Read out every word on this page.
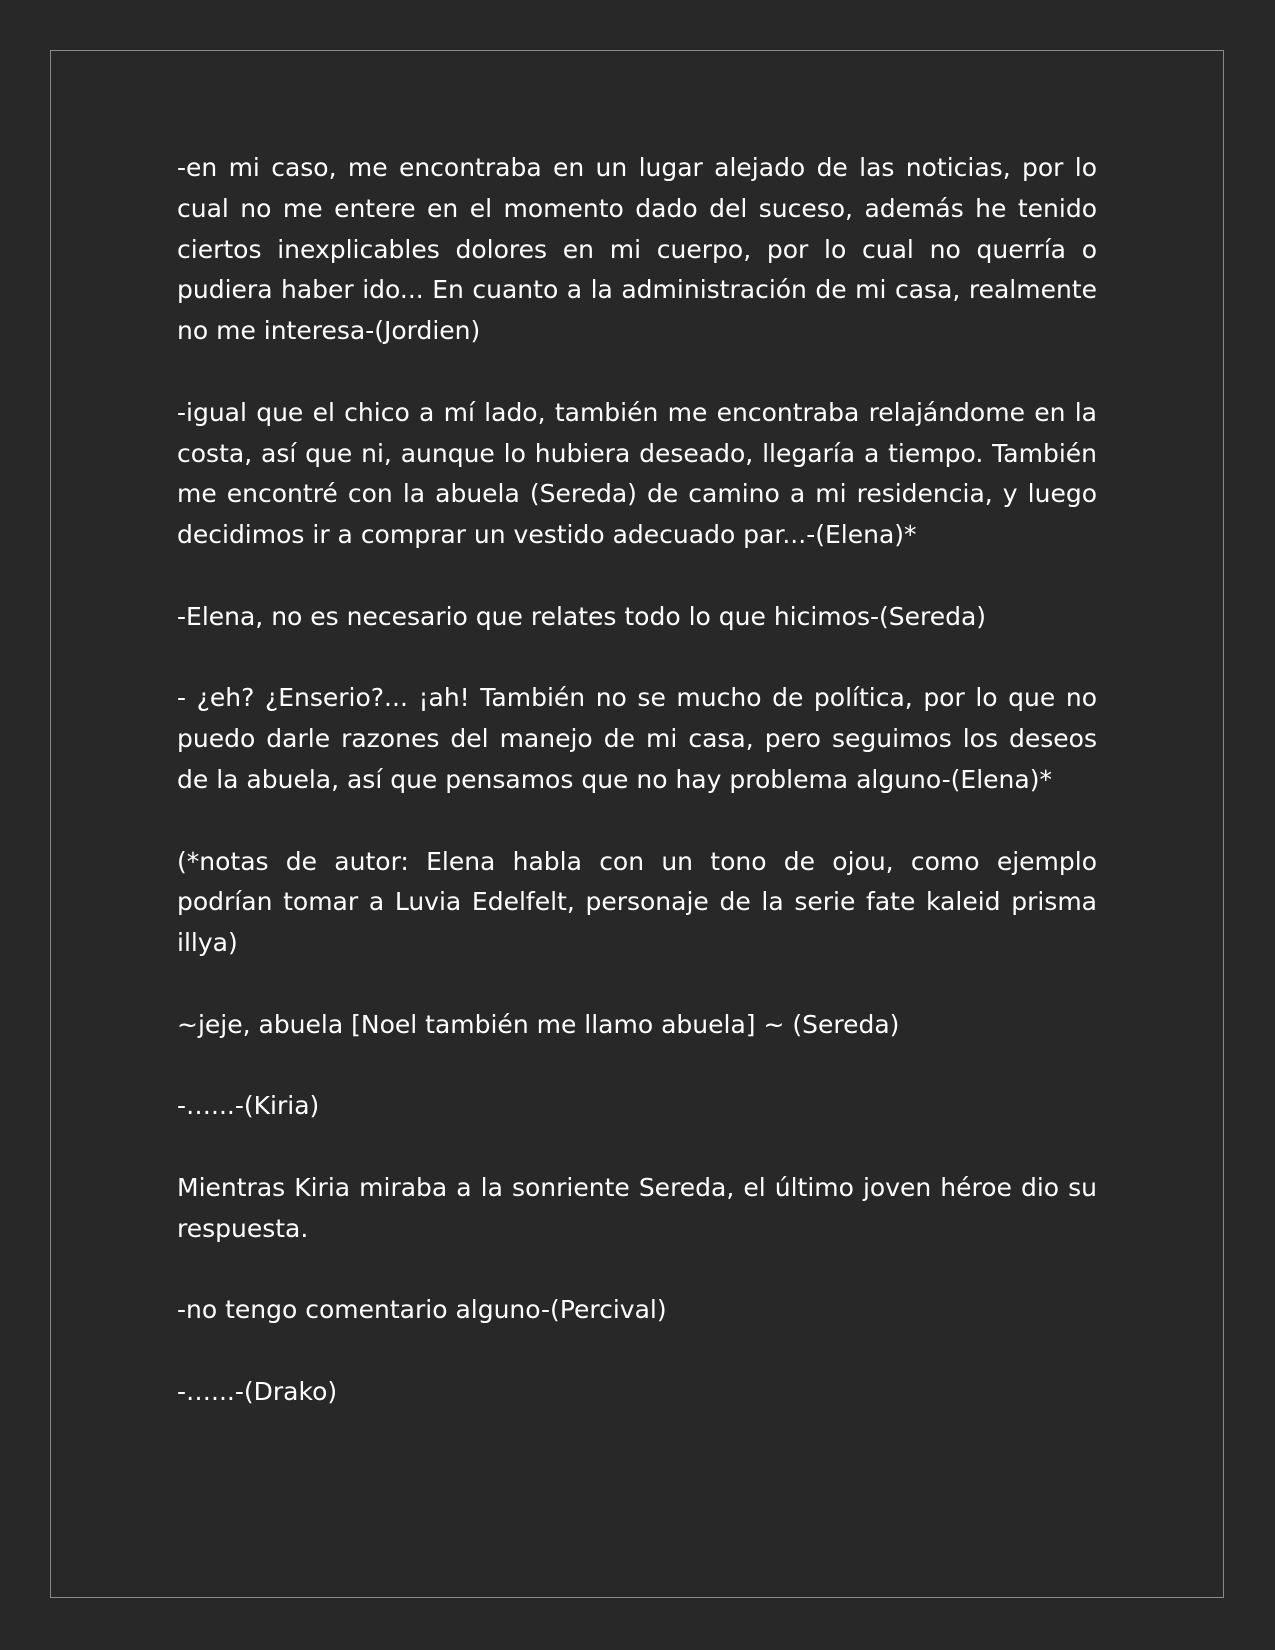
-en mi caso, me encontraba en un lugar alejado de las noticias, por lo cual no me entere en el momento dado del suceso, además he tenido ciertos inexplicables dolores en mi cuerpo, por lo cual no querría o pudiera haber ido... En cuanto a la administración de mi casa, realmente no me interesa-(Jordien)

-igual que el chico a mí lado, también me encontraba relajándome en la costa, así que ni, aunque lo hubiera deseado, llegaría a tiempo. También me encontré con la abuela (Sereda) de camino a mi residencia, y luego decidimos ir a comprar un vestido adecuado par...-(Elena)*

-Elena, no es necesario que relates todo lo que hicimos-(Sereda)

- ¿eh? ¿Enserio?... ¡ah! También no se mucho de política, por lo que no puedo darle razones del manejo de mi casa, pero seguimos los deseos de la abuela, así que pensamos que no hay problema alguno-(Elena)*

(*notas de autor: Elena habla con un tono de ojou, como ejemplo podrían tomar a Luvia Edelfelt, personaje de la serie fate kaleid prisma illya)

~jeje, abuela [Noel también me llamo abuela] ~ (Sereda)

-…...-(Kiria)

Mientras Kiria miraba a la sonriente Sereda, el último joven héroe dio su respuesta.

-no tengo comentario alguno-(Percival)

-…...-(Drako)
